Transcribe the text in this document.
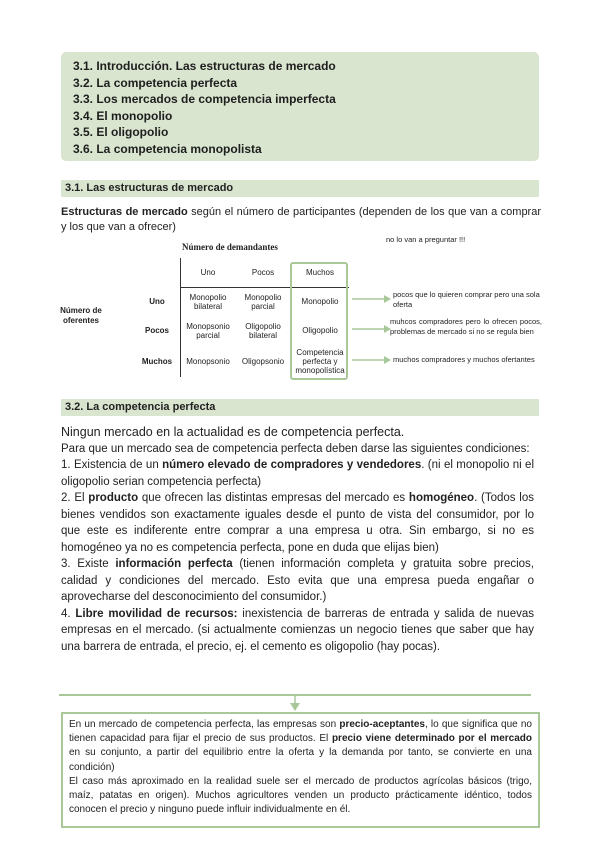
3.1. Introducción. Las estructuras de mercado
3.2. La competencia perfecta
3.3. Los mercados de competencia imperfecta
3.4. El monopolio
3.5. El oligopolio
3.6. La competencia monopolista
3.1. Las estructuras de mercado
Estructuras de mercado según el número de participantes (dependen de los que van a comprar y los que van a ofrecer)
no lo van a preguntar !!!
Número de demandantes
Número de oferentes
	Uno	Pocos	Muchos
Uno	Monopolio bilateral	Monopolio parcial	Monopolio
Pocos	Monopsonio parcial	Oligopolio bilateral	Oligopolio
Muchos	Monopsonio	Oligopsonio	Competencia perfecta y monopolística
pocos que lo quieren comprar pero una sola oferta
muhcos compradores pero lo ofrecen pocos, problemas de mercado si no se regula bien
muchos compradores y muchos ofertantes
3.2. La competencia perfecta

Ningun mercado en la actualidad es de competencia perfecta.

Para que un mercado sea de competencia perfecta deben darse las siguientes condiciones:

1. Existencia de un número elevado de compradores y vendedores. (ni el monopolio ni el oligopolio serian competencia perfecta)

2. El producto que ofrecen las distintas empresas del mercado es homogéneo. (Todos los bienes vendidos son exactamente iguales desde el punto de vista del consumidor, por lo que este es indiferente entre comprar a una empresa u otra. Sin embargo, si no es homogéneo ya no es competencia perfecta, pone en duda que elijas bien)

3. Existe información perfecta (tienen información completa y gratuita sobre precios, calidad y condiciones del mercado. Esto evita que una empresa pueda engañar o aprovecharse del desconocimiento del consumidor.)

4. Libre movilidad de recursos: inexistencia de barreras de entrada y salida de nuevas empresas en el mercado. (si actualmente comienzas un negocio tienes que saber que hay una barrera de entrada, el precio, ej. el cemento es oligopolio (hay pocas).

En un mercado de competencia perfecta, las empresas son precio-aceptantes, lo que significa que no tienen capacidad para fijar el precio de sus productos. El precio viene determinado por el mercado en su conjunto, a partir del equilibrio entre la oferta y la demanda por tanto, se convierte en una condición)

El caso más aproximado en la realidad suele ser el mercado de productos agrícolas básicos (trigo, maíz, patatas en origen). Muchos agricultores venden un producto prácticamente idéntico, todos conocen el precio y ninguno puede influir individualmente en él.
